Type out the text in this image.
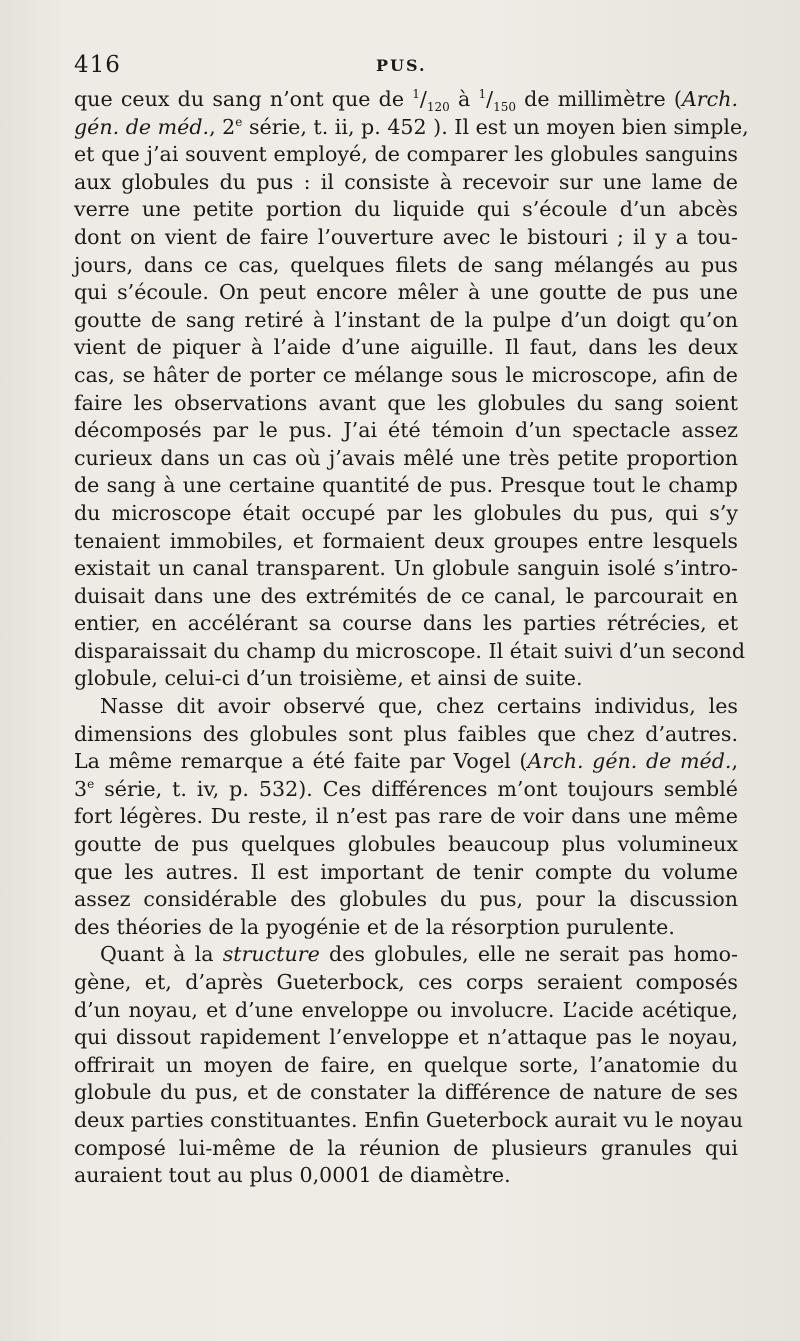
416	PUS.
que ceux du sang n’ont que de $^1/_{120}$ à $^1/_{150}$ de millimètre (Arch.
gén. de méd., 2e série, t. ii, p. 452 ). Il est un moyen bien simple,
et que j’ai souvent employé, de comparer les globules sanguins
aux globules du pus : il consiste à recevoir sur une lame de
verre une petite portion du liquide qui s’écoule d’un abcès
dont on vient de faire l’ouverture avec le bistouri ; il y a tou-
jours, dans ce cas, quelques filets de sang mélangés au pus
qui s’écoule. On peut encore mêler à une goutte de pus une
goutte de sang retiré à l’instant de la pulpe d’un doigt qu’on
vient de piquer à l’aide d’une aiguille. Il faut, dans les deux
cas, se hâter de porter ce mélange sous le microscope, afin de
faire les observations avant que les globules du sang soient
décomposés par le pus. J’ai été témoin d’un spectacle assez
curieux dans un cas où j’avais mêlé une très petite proportion
de sang à une certaine quantité de pus. Presque tout le champ
du microscope était occupé par les globules du pus, qui s’y
tenaient immobiles, et formaient deux groupes entre lesquels
existait un canal transparent. Un globule sanguin isolé s’intro-
duisait dans une des extrémités de ce canal, le parcourait en
entier, en accélérant sa course dans les parties rétrécies, et
disparaissait du champ du microscope. Il était suivi d’un second
globule, celui-ci d’un troisième, et ainsi de suite.
Nasse dit avoir observé que, chez certains individus, les
dimensions des globules sont plus faibles que chez d’autres.
La même remarque a été faite par Vogel (Arch. gén. de méd.,
3e série, t. iv, p. 532). Ces différences m’ont toujours semblé
fort légères. Du reste, il n’est pas rare de voir dans une même
goutte de pus quelques globules beaucoup plus volumineux
que les autres. Il est important de tenir compte du volume
assez considérable des globules du pus, pour la discussion
des théories de la pyogénie et de la résorption purulente.
Quant à la structure des globules, elle ne serait pas homo-
gène, et, d’après Gueterbock, ces corps seraient composés
d’un noyau, et d’une enveloppe ou involucre. L’acide acétique,
qui dissout rapidement l’enveloppe et n’attaque pas le noyau,
offrirait un moyen de faire, en quelque sorte, l’anatomie du
globule du pus, et de constater la différence de nature de ses
deux parties constituantes. Enfin Gueterbock aurait vu le noyau
composé lui-même de la réunion de plusieurs granules qui
auraient tout au plus 0,0001 de diamètre.
